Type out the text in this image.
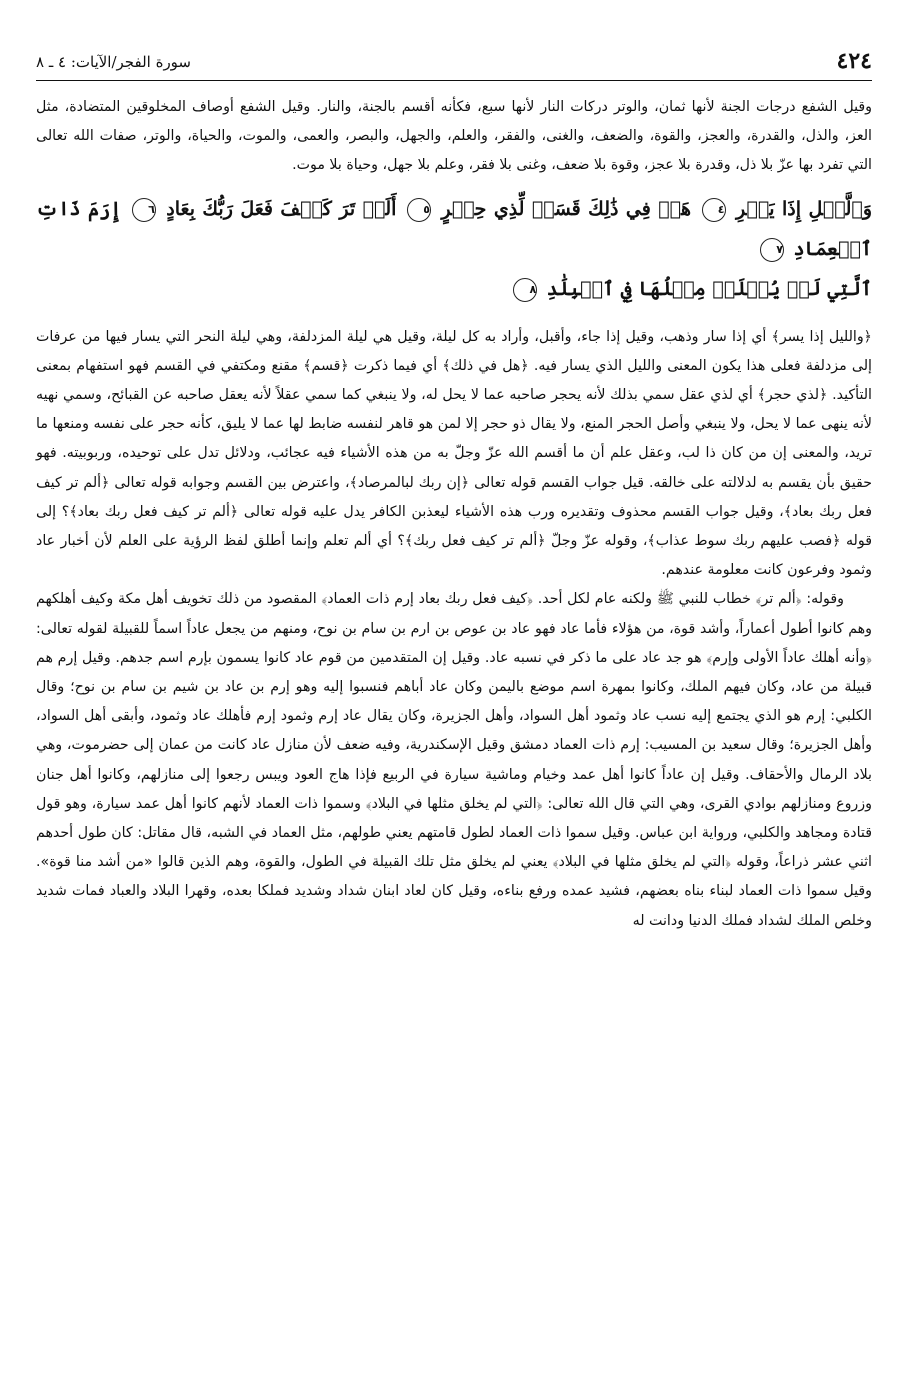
٤٢٤
سورة الفجر/الآيات: ٤ ـ ٨

وقيل الشفع درجات الجنة لأنها ثمان، والوتر دركات النار لأنها سبع، فكأنه أقسم بالجنة، والنار. وقيل الشفع أوصاف المخلوقين المتضادة، مثل العز، والذل، والقدرة، والعجز، والقوة، والضعف، والغنى، والفقر، والعلم، والجهل، والبصر، والعمى، والموت، والحياة، والوتر، صفات الله تعالى التي تفرد بها عزّ بلا ذل، وقدرة بلا عجز، وقوة بلا ضعف، وغنى بلا فقر، وعلم بلا جهل، وحياة بلا موت.

وَٱلَّيۡلِ إِذَا يَسۡرِ ٤ هَلۡ فِي ذَٰلِكَ قَسَمٞ لِّذِي حِجۡرٍ ٥ أَلَمۡ تَرَ كَيۡفَ فَعَلَ رَبُّكَ بِعَادٍ ٦ إِرَمَ ذَاتِ ٱلۡعِمَادِ ٧
ٱلَّتِي لَمۡ يُخۡلَقۡ مِثۡلُهَا فِي ٱلۡبِلَٰدِ ٨

﴿والليل إذا يسر﴾ أي إذا سار وذهب، وقيل إذا جاء، وأقبل، وأراد به كل ليلة، وقيل هي ليلة المزدلفة، وهي ليلة النحر التي يسار فيها من عرفات إلى مزدلفة فعلى هذا يكون المعنى والليل الذي يسار فيه. ﴿هل في ذلك﴾ أي فيما ذكرت ﴿قسم﴾ مقنع ومكتفي في القسم فهو استفهام بمعنى التأكيد. ﴿لذي حجر﴾ أي لذي عقل سمي بذلك لأنه يحجر صاحبه عما لا يحل له، ولا ينبغي كما سمي عقلاً لأنه يعقل صاحبه عن القبائح، وسمي نهيه لأنه ينهى عما لا يحل، ولا ينبغي وأصل الحجر المنع، ولا يقال ذو حجر إلا لمن هو قاهر لنفسه ضابط لها عما لا يليق، كأنه حجر على نفسه ومنعها ما تريد، والمعنى إن من كان ذا لب، وعقل علم أن ما أقسم الله عزّ وجلّ به من هذه الأشياء فيه عجائب، ودلائل تدل على توحيده، وربوبيته. فهو حقيق بأن يقسم به لدلالته على خالقه. قيل جواب القسم قوله تعالى ﴿إن ربك لبالمرصاد﴾، واعترض بين القسم وجوابه قوله تعالى ﴿ألم تر كيف فعل ربك بعاد﴾، وقيل جواب القسم محذوف وتقديره ورب هذه الأشياء ليعذبن الكافر يدل عليه قوله تعالى ﴿ألم تر كيف فعل ربك بعاد﴾؟ إلى قوله ﴿فصب عليهم ربك سوط عذاب﴾، وقوله عزّ وجلّ ﴿ألم تر كيف فعل ربك﴾؟ أي ألم تعلم وإنما أطلق لفظ الرؤية على العلم لأن أخبار عاد وثمود وفرعون كانت معلومة عندهم.

وقوله: ﴿ألم تر﴾ خطاب للنبي ﷺ ولكنه عام لكل أحد. ﴿كيف فعل ربك بعاد إرم ذات العماد﴾ المقصود من ذلك تخويف أهل مكة وكيف أهلكهم وهم كانوا أطول أعماراً، وأشد قوة، من هؤلاء فأما عاد فهو عاد بن عوص بن ارم بن سام بن نوح، ومنهم من يجعل عاداً اسماً للقبيلة لقوله تعالى: ﴿وأنه أهلك عاداً الأولى وإرم﴾ هو جد عاد على ما ذكر في نسبه عاد. وقيل إن المتقدمين من قوم عاد كانوا يسمون بإرم اسم جدهم. وقيل إرم هم قبيلة من عاد، وكان فيهم الملك، وكانوا بمهرة اسم موضع باليمن وكان عاد أباهم فنسبوا إليه وهو إرم بن عاد بن شيم بن سام بن نوح؛ وقال الكلبي: إرم هو الذي يجتمع إليه نسب عاد وثمود أهل السواد، وأهل الجزيرة، وكان يقال عاد إرم وثمود إرم فأهلك عاد وثمود، وأبقى أهل السواد، وأهل الجزيرة؛ وقال سعيد بن المسيب: إرم ذات العماد دمشق وقيل الإسكندرية، وفيه ضعف لأن منازل عاد كانت من عمان إلى حضرموت، وهي بلاد الرمال والأحقاف. وقيل إن عاداً كانوا أهل عمد وخيام وماشية سيارة في الربيع فإذا هاج العود ويبس رجعوا إلى منازلهم، وكانوا أهل جنان وزروع ومنازلهم بوادي القرى، وهي التي قال الله تعالى: ﴿التي لم يخلق مثلها في البلاد﴾ وسموا ذات العماد لأنهم كانوا أهل عمد سيارة، وهو قول قتادة ومجاهد والكلبي، ورواية ابن عباس. وقيل سموا ذات العماد لطول قامتهم يعني طولهم، مثل العماد في الشبه، قال مقاتل: كان طول أحدهم اثني عشر ذراعاً، وقوله ﴿التي لم يخلق مثلها في البلاد﴾ يعني لم يخلق مثل تلك القبيلة في الطول، والقوة، وهم الذين قالوا «من أشد منا قوة». وقيل سموا ذات العماد لبناء بناه بعضهم، فشيد عمده ورفع بناءه، وقيل كان لعاد ابنان شداد وشديد فملكا بعده، وقهرا البلاد والعباد فمات شديد وخلص الملك لشداد فملك الدنيا ودانت له
